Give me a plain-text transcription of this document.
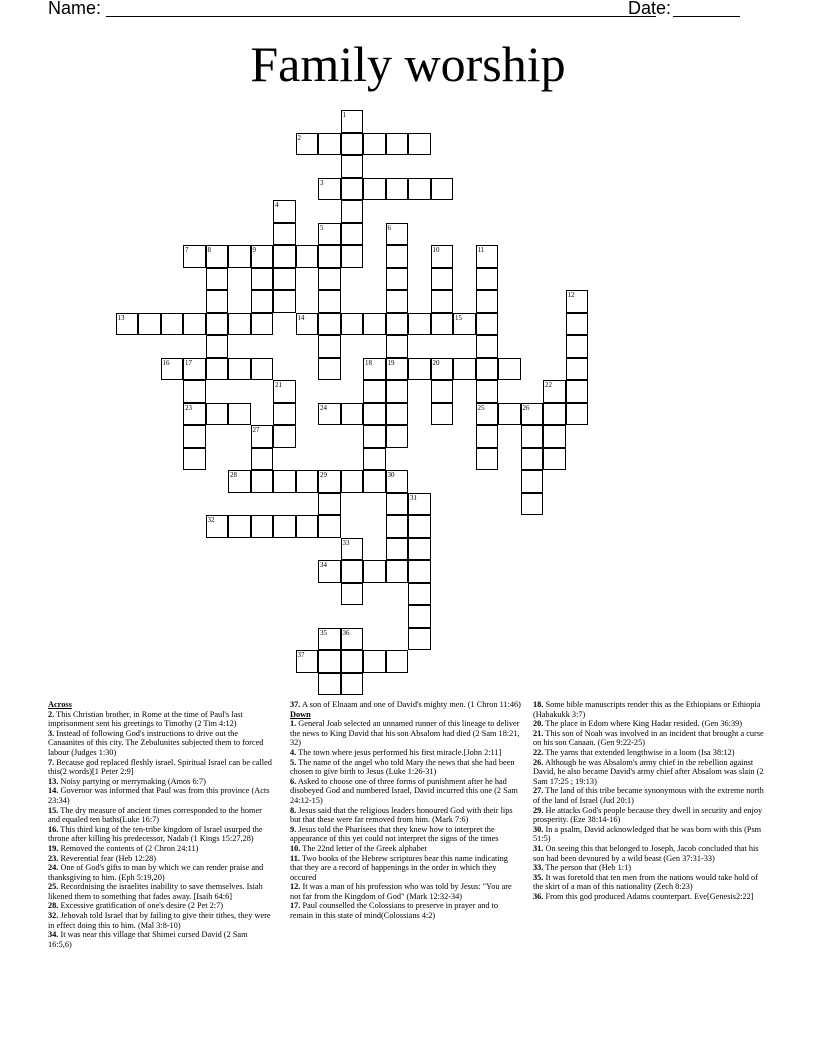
Name:	Date:
Family worship
1
2
3
4
5	6
7	8	9	10	11
12
13	14	15
16 17	18 19	20
21	22
23	24	25	26
27
28	29	30
31
32
33
34
35 36
37

Across

2. This Christian brother, in Rome at the time of Paul's last imprisonment sent his greetings to Timothy (2 Tim 4:12)

3. Instead of following God's instructions to drive out the Canaanites of this city. The Zebulunites subjected them to forced labour (Judges 1:30)

7. Because god replaced fleshly israel. Spiritual Israel can be called this(2 words)[1 Peter 2:9]

13. Noisy partying or merrymaking (Amos 6:7)

14. Governor was informed that Paul was from this province (Acts 23:34)

15. The dry measure of ancient times corresponded to the homer and equaled ten baths(Luke 16:7)

16. This third king of the ten-tribe kingdom of Israel usurped the throne after killing his predecessor, Nadab (1 Kings 15:27,28)

19. Removed the contents of (2 Chron 24:11)

23. Reverential fear (Heb 12:28)

24. One of God's gifts to man by which we can render praise and thanksgiving to him. (Eph 5:19,20)

25. Recordnising the israelites inability to save themselves. Isiah likened them to something that fades away. [Isaih 64:6]

28. Excessive gratification of one's desire (2 Pet 2:7)

32. Jehovah told Israel that by failing to give their tithes, they were in effect doing this to him. (Mal 3:8-10)

34. It was near this village that Shimei cursed David (2 Sam 16:5,6)

37. A son of Elnaam and one of David's mighty men. (1 Chron 11:46)

Down

1. General Joab selected an unnamed runner of this lineage to deliver the news to King David that his son Absalom had died (2 Sam 18:21, 32)

4. The town where jesus performed his first miracle.[John 2:11]

5. The name of the angel who told Mary the news that she had been chosen to give birth to Jesus (Luke 1:26-31)

6. Asked to choose one of three forms of punishment after he had disobeyed God and numbered Israel, David incurred this one (2 Sam 24:12-15)

8. Jesus said that the religious leaders honoured God with their lips but that these were far removed from him. (Mark 7:6)

9. Jesus told the Pharisees that they knew how to interpret the appearance of this yet could not interpret the signs of the times

10. The 22nd letter of the Greek alphabet

11. Two books of the Hebrew scriptures bear this name indicating that they are a record of happenings in the order in which they occured

12. It was a man of his profession who was told by Jesus: "You are not far from the Kingdom of God" (Mark 12:32-34)

17. Paul counselled the Colossians to preserve in prayer and to remain in this state of mind(Colossians 4:2)

18. Some bible manuscripts render this as the Ethiopians or Ethiopia (Habakukk 3:7)

20. The place in Edom where King Hadar resided. (Gen 36:39)

21. This son of Noah was involved in an incident that brought a curse on his son Canaan. (Gen 9:22-25)

22. The yarns that extended lengthwise in a loom (Isa 38:12)

26. Although he was Absalom's army chief in the rebellion against David, he also became David's army chief after Absalom was slain (2 Sam 17:25 ; 19:13)

27. The land of this tribe became synonymous with the extreme north of the land of Israel (Jud 20:1)

29. He attacks God's people because they dwell in security and enjoy prosperity. (Eze 38:14-16)

30. In a psalm, David acknowledged that he was born with this (Psm 51:5)

31. On seeing this that belonged to Joseph, Jacob concluded that his son had been devoured by a wild beast (Gen 37:31-33)

33. The person that (Heb 1:1)

35. It was foretold that ten men from the nations would take hold of the skirt of a man of this nationality (Zech 8:23)

36. From this god produced Adams counterpart. Eve[Genesis2:22]
